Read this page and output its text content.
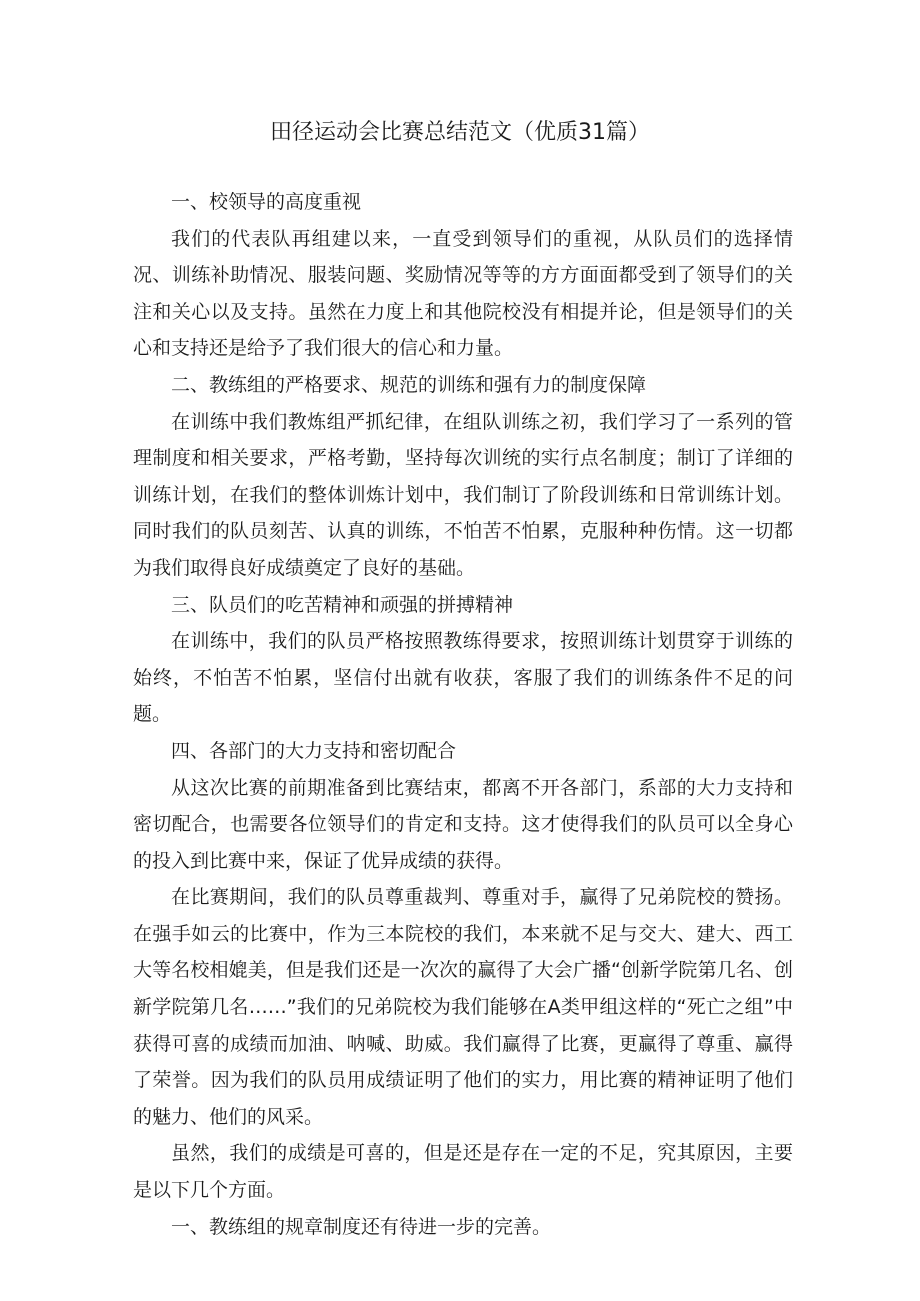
田径运动会比赛总结范文（优质31篇）

一、校领导的高度重视

我们的代表队再组建以来，一直受到领导们的重视，从队员们的选择情况、训练补助情况、服装问题、奖励情况等等的方方面面都受到了领导们的关注和关心以及支持。虽然在力度上和其他院校没有相提并论，但是领导们的关心和支持还是给予了我们很大的信心和力量。

二、教练组的严格要求、规范的训练和强有力的制度保障

在训练中我们教炼组严抓纪律，在组队训练之初，我们学习了一系列的管理制度和相关要求，严格考勤，坚持每次训统的实行点名制度；制订了详细的训练计划，在我们的整体训炼计划中，我们制订了阶段训练和日常训练计划。同时我们的队员刻苦、认真的训练，不怕苦不怕累，克服种种伤情。这一切都为我们取得良好成绩奠定了良好的基础。

三、队员们的吃苦精神和顽强的拼搏精神

在训练中，我们的队员严格按照教练得要求，按照训练计划贯穿于训练的始终，不怕苦不怕累，坚信付出就有收获，客服了我们的训练条件不足的问题。

四、各部门的大力支持和密切配合

从这次比赛的前期准备到比赛结束，都离不开各部门，系部的大力支持和密切配合，也需要各位领导们的肯定和支持。这才使得我们的队员可以全身心的投入到比赛中来，保证了优异成绩的获得。

在比赛期间，我们的队员尊重裁判、尊重对手，赢得了兄弟院校的赞扬。在强手如云的比赛中，作为三本院校的我们，本来就不足与交大、建大、西工大等名校相媲美，但是我们还是一次次的赢得了大会广播“创新学院第几名、创新学院第几名……”我们的兄弟院校为我们能够在A类甲组这样的“死亡之组”中获得可喜的成绩而加油、呐喊、助威。我们赢得了比赛，更赢得了尊重、赢得了荣誉。因为我们的队员用成绩证明了他们的实力，用比赛的精神证明了他们的魅力、他们的风采。

虽然，我们的成绩是可喜的，但是还是存在一定的不足，究其原因，主要是以下几个方面。

一、教练组的规章制度还有待进一步的完善。
